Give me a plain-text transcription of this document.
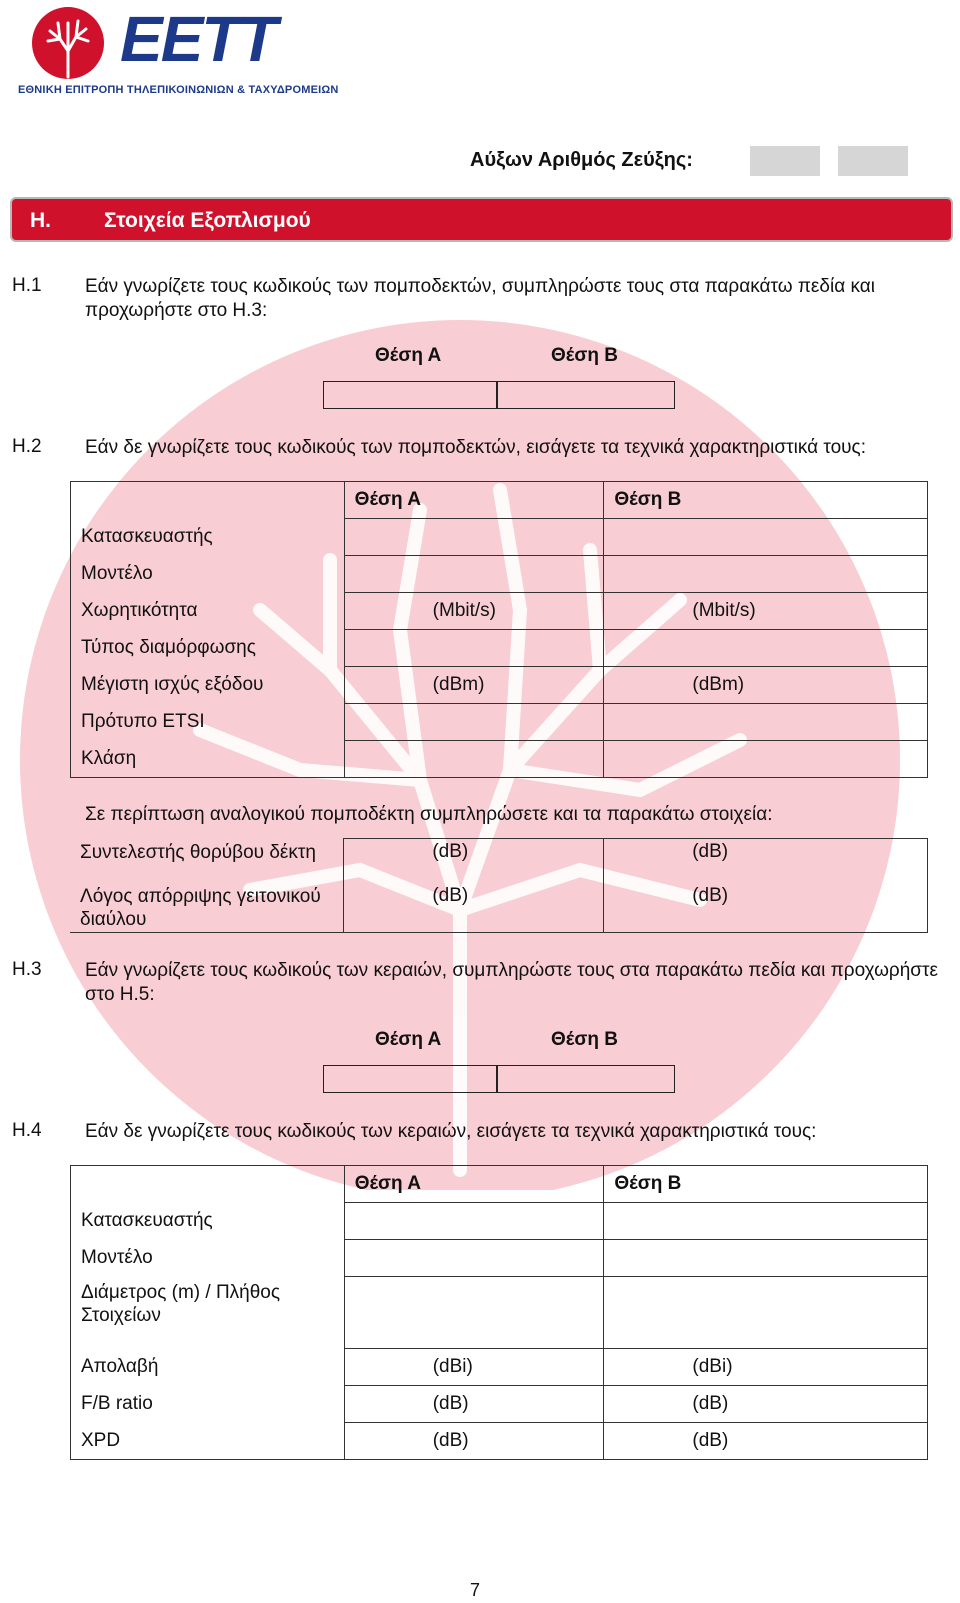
EETT
ΕΘΝΙΚΗ ΕΠΙΤΡΟΠΗ ΤΗΛΕΠΙΚΟΙΝΩΝΙΩΝ & ΤΑΧΥΔΡΟΜΕΙΩΝ
Αύξων Αριθμός Ζεύξης:
Η.	Στοιχεία Εξοπλισμού
Η.1 Εάν γνωρίζετε τους κωδικούς των πομποδεκτών, συμπληρώστε τους στα παρακάτω πεδία και προχωρήστε στο Η.3:
Θέση Α	Θέση Β
Η.2 Εάν δε γνωρίζετε τους κωδικούς των πομποδεκτών, εισάγετε τα τεχνικά χαρακτηριστικά τους:
	Θέση Α	Θέση Β
Κατασκευαστής		
Μοντέλο		
Χωρητικότητα	(Mbit/s)	(Mbit/s)
Τύπος διαμόρφωσης		
Μέγιστη ισχύς εξόδου	(dBm)	(dBm)
Πρότυπο ETSI		
Κλάση		
Σε περίπτωση αναλογικού πομποδέκτη συμπληρώσετε και τα παρακάτω στοιχεία:
Συντελεστής θορύβου δέκτη	(dB)	(dB)
Λόγος απόρριψης γειτονικού διαύλου	(dB)	(dB)
Η.3 Εάν γνωρίζετε τους κωδικούς των κεραιών, συμπληρώστε τους στα παρακάτω πεδία και προχωρήστε στο Η.5:
Θέση Α	Θέση Β
Η.4 Εάν δε γνωρίζετε τους κωδικούς των κεραιών, εισάγετε τα τεχνικά χαρακτηριστικά τους:
	Θέση Α	Θέση Β
Κατασκευαστής		
Μοντέλο		
Διάμετρος (m) / Πλήθος Στοιχείων		
Απολαβή	(dBi)	(dBi)
F/B ratio	(dB)	(dB)
XPD	(dB)	(dB)
7
